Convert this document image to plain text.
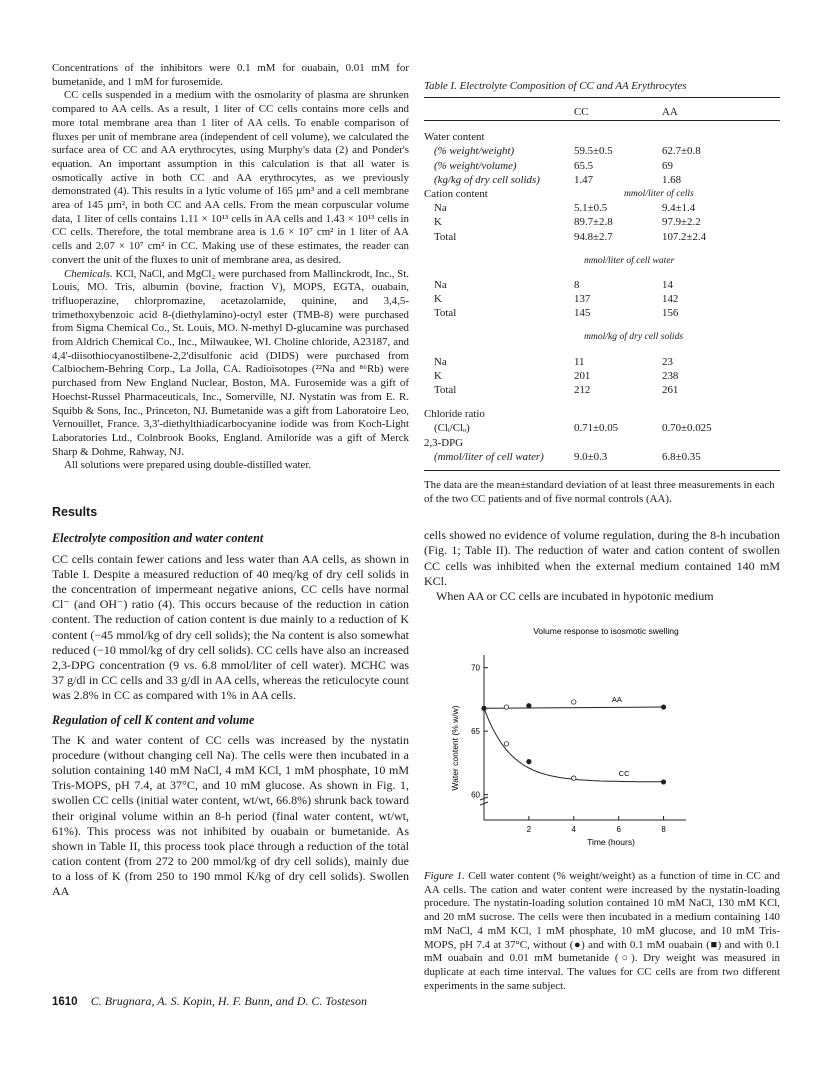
Concentrations of the inhibitors were 0.1 mM for ouabain, 0.01 mM for bumetanide, and 1 mM for furosemide.

CC cells suspended in a medium with the osmolarity of plasma are shrunken compared to AA cells. As a result, 1 liter of CC cells contains more cells and more total membrane area than 1 liter of AA cells. To enable comparison of fluxes per unit of membrane area (independent of cell volume), we calculated the surface area of CC and AA erythrocytes, using Murphy's data (2) and Ponder's equation. An important assumption in this calculation is that all water is osmotically active in both CC and AA erythrocytes, as we previously demonstrated (4). This results in a lytic volume of 165 µm³ and a cell membrane area of 145 µm², in both CC and AA cells. From the mean corpuscular volume data, 1 liter of cells contains 1.11 × 10¹³ cells in AA cells and 1.43 × 10¹³ cells in CC cells. Therefore, the total membrane area is 1.6 × 10⁷ cm² in 1 liter of AA cells and 2.07 × 10⁷ cm² in CC. Making use of these estimates, the reader can convert the unit of the fluxes to unit of membrane area, as desired.

Chemicals. KCl, NaCl, and MgCl₂ were purchased from Mallinckrodt, Inc., St. Louis, MO. Tris, albumin (bovine, fraction V), MOPS, EGTA, ouabain, trifluoperazine, chlorpromazine, acetazolamide, quinine, and 3,4,5-trimethoxybenzoic acid 8-(diethylamino)-octyl ester (TMB-8) were purchased from Sigma Chemical Co., St. Louis, MO. N-methyl D-glucamine was purchased from Aldrich Chemical Co., Inc., Milwaukee, WI. Choline chloride, A23187, and 4,4'-diisothiocyanostilbene-2,2'disulfonic acid (DIDS) were purchased from Calbiochem-Behring Corp., La Jolla, CA. Radioisotopes (²²Na and ⁸⁶Rb) were purchased from New England Nuclear, Boston, MA. Furosemide was a gift of Hoechst-Russel Pharmaceuticals, Inc., Somerville, NJ. Nystatin was from E. R. Squibb & Sons, Inc., Princeton, NJ. Bumetanide was a gift from Laboratoire Leo, Vernouillet, France. 3,3'-diethylthiadicarbocyanine iodide was from Koch-Light Laboratories Ltd., Colnbrook Books, England. Amiloride was a gift of Merck Sharp & Dohme, Rahway, NJ.

All solutions were prepared using double-distilled water.

Results
Electrolyte composition and water content

CC cells contain fewer cations and less water than AA cells, as shown in Table I. Despite a measured reduction of 40 meq/kg of dry cell solids in the concentration of impermeant negative anions, CC cells have normal Cl⁻ (and OH⁻) ratio (4). This occurs because of the reduction in cation content. The reduction of cation content is due mainly to a reduction of K content (−45 mmol/kg of dry cell solids); the Na content is also somewhat reduced (−10 mmol/kg of dry cell solids). CC cells have also an increased 2,3-DPG concentration (9 vs. 6.8 mmol/liter of cell water). MCHC was 37 g/dl in CC cells and 33 g/dl in AA cells, whereas the reticulocyte count was 2.8% in CC as compared with 1% in AA cells.

Regulation of cell K content and volume

The K and water content of CC cells was increased by the nystatin procedure (without changing cell Na). The cells were then incubated in a solution containing 140 mM NaCl, 4 mM KCl, 1 mM phosphate, 10 mM Tris-MOPS, pH 7.4, at 37°C, and 10 mM glucose. As shown in Fig. 1, swollen CC cells (initial water content, wt/wt, 66.8%) shrunk back toward their original volume within an 8-h period (final water content, wt/wt, 61%). This process was not inhibited by ouabain or bumetanide. As shown in Table II, this process took place through a reduction of the total cation content (from 272 to 200 mmol/kg of dry cell solids), mainly due to a loss of K (from 250 to 190 mmol K/kg of dry cell solids). Swollen AA

Table I. Electrolyte Composition of CC and AA Erythrocytes
	CC	AA

Water content		
(% weight/weight)	59.5±0.5	62.7±0.8
(% weight/volume)	65.5	69
(kg/kg of dry cell solids)	1.47	1.68
Cation content	mmol/liter of cells	
Na	5.1±0.5	9.4±1.4
K	89.7±2.8	97.9±2.2
Total	94.8±2.7	107.2±2.4

	mmol/liter of cell water	

Na	8	14
K	137	142
Total	145	156

	mmol/kg of dry cell solids	

Na	11	23
K	201	238
Total	212	261

Chloride ratio		
(Clᵢ/Clₒ)	0.71±0.05	0.70±0.025
2,3-DPG		
(mmol/liter of cell water)	9.0±0.3	6.8±0.35
The data are the mean±standard deviation of at least three measurements in each of the two CC patients and of five normal controls (AA).

cells showed no evidence of volume regulation, during the 8-h incubation (Fig. 1; Table II). The reduction of water and cation content of swollen CC cells was inhibited when the external medium contained 140 mM KCl.

When AA or CC cells are incubated in hypotonic medium

Volume response to isosmotic swelling
60
65
70
2	4	6	8
AA
CC
Time (hours)
Water content (% w/w)

Figure 1. Cell water content (% weight/weight) as a function of time in CC and AA cells. The cation and water content were increased by the nystatin-loading procedure. The nystatin-loading solution contained 10 mM NaCl, 130 mM KCl, and 20 mM sucrose. The cells were then incubated in a medium containing 140 mM NaCl, 4 mM KCl, 1 mM phosphate, 10 mM glucose, and 10 mM Tris-MOPS, pH 7.4 at 37°C, without (●) and with 0.1 mM ouabain (■) and with 0.1 mM ouabain and 0.01 mM bumetanide (○). Dry weight was measured in duplicate at each time interval. The values for CC cells are from two different experiments in the same subject.

1610 C. Brugnara, A. S. Kopin, H. F. Bunn, and D. C. Tosteson
